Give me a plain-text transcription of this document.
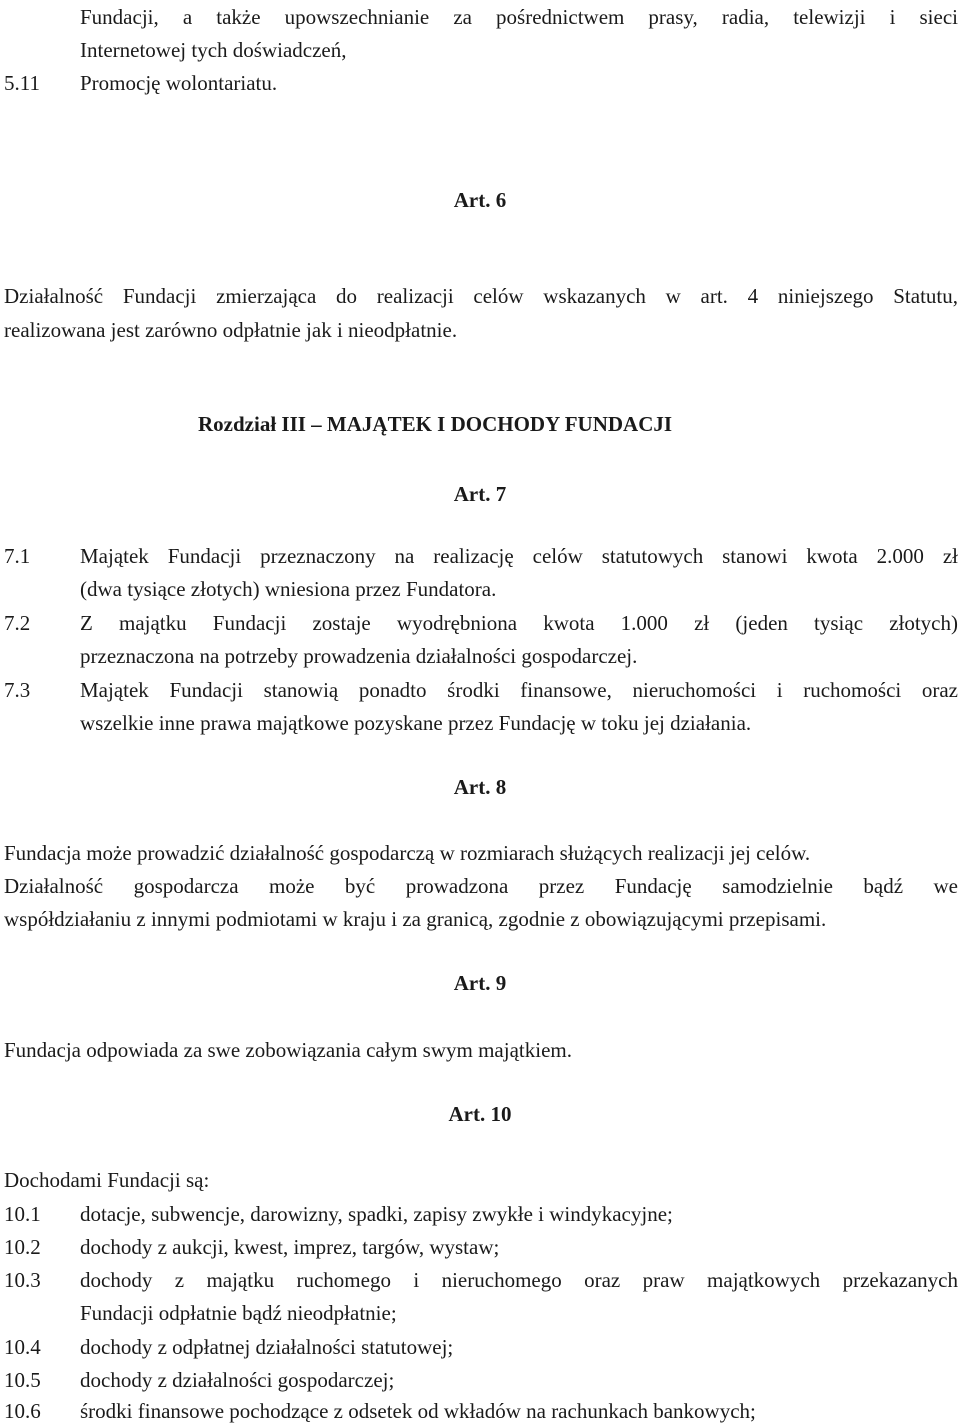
Fundacji, a także upowszechnianie za pośrednictwem prasy, radia, telewizji i sieci
Internetowej tych doświadczeń,
5.11 Promocję wolontariatu.
Art. 6
Działalność Fundacji zmierzająca do realizacji celów wskazanych w art. 4 niniejszego Statutu,
realizowana jest zarówno odpłatnie jak i nieodpłatnie.
Rozdział III – MAJĄTEK I DOCHODY FUNDACJI
Art. 7
7.1 Majątek Fundacji przeznaczony na realizację celów statutowych stanowi kwota 2.000 zł
(dwa tysiące złotych) wniesiona przez Fundatora.
7.2 Z majątku Fundacji zostaje wyodrębniona kwota 1.000 zł (jeden tysiąc złotych)
przeznaczona na potrzeby prowadzenia działalności gospodarczej.
7.3 Majątek Fundacji stanowią ponadto środki finansowe, nieruchomości i ruchomości oraz
wszelkie inne prawa majątkowe pozyskane przez Fundację w toku jej działania.
Art. 8
Fundacja może prowadzić działalność gospodarczą w rozmiarach służących realizacji jej celów.
Działalność gospodarcza może być prowadzona przez Fundację samodzielnie bądź we
współdziałaniu z innymi podmiotami w kraju i za granicą, zgodnie z obowiązującymi przepisami.
Art. 9
Fundacja odpowiada za swe zobowiązania całym swym majątkiem.
Art. 10
Dochodami Fundacji są:
10.1 dotacje, subwencje, darowizny, spadki, zapisy zwykłe i windykacyjne;
10.2 dochody z aukcji, kwest, imprez, targów, wystaw;
10.3 dochody z majątku ruchomego i nieruchomego oraz praw majątkowych przekazanych
Fundacji odpłatnie bądź nieodpłatnie;
10.4 dochody z odpłatnej działalności statutowej;
10.5 dochody z działalności gospodarczej;
10.6 środki finansowe pochodzące z odsetek od wkładów na rachunkach bankowych;
